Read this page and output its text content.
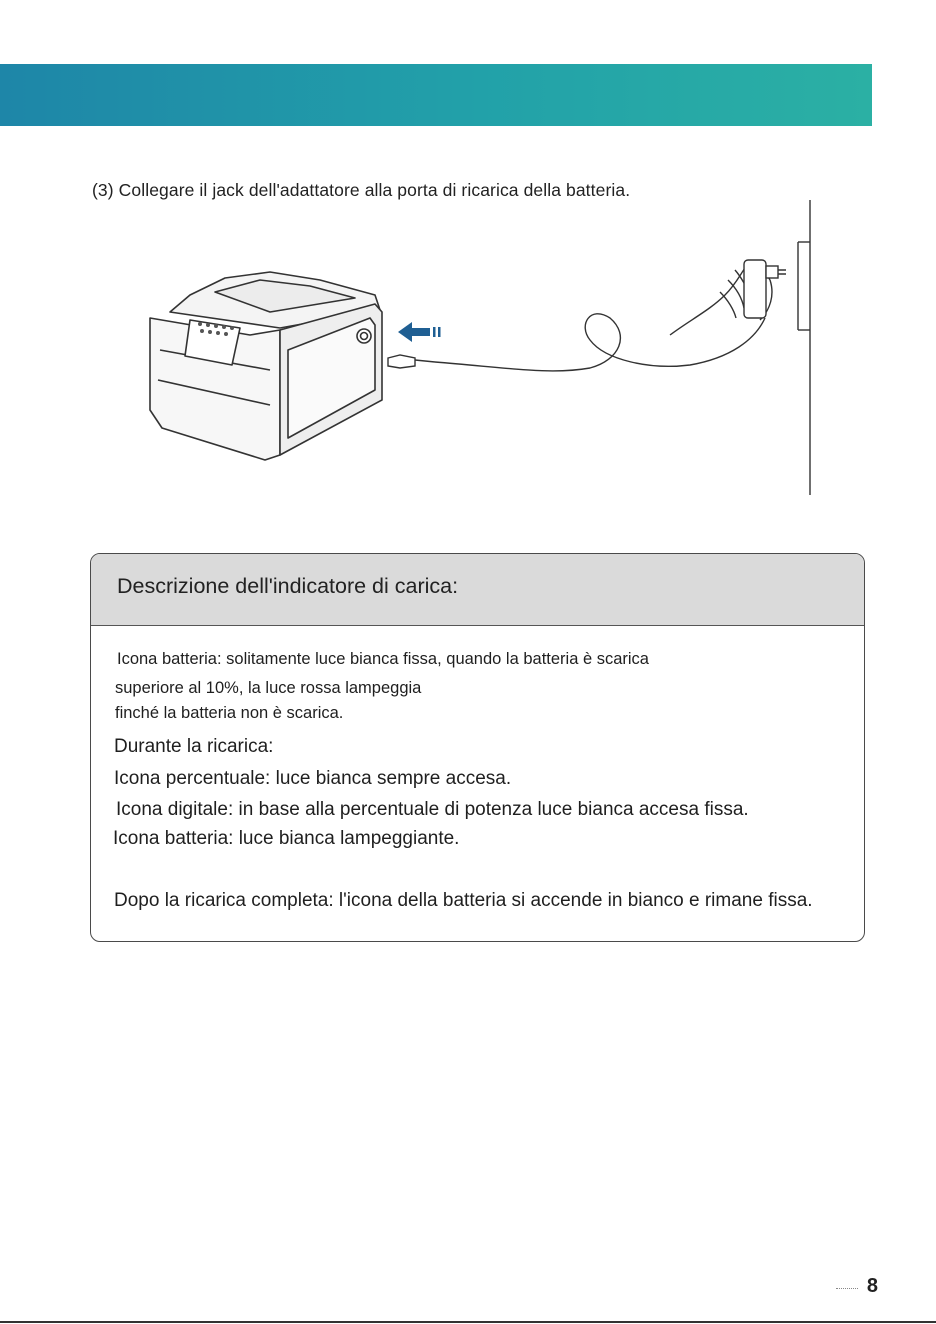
(3) Collegare il jack dell'adattatore alla porta di ricarica della batteria.
Descrizione dell'indicatore di carica:
Icona batteria: solitamente luce bianca fissa, quando la batteria è scarica
superiore al 10%, la luce rossa lampeggia
finché la batteria non è scarica.
Durante la ricarica:
Icona percentuale: luce bianca sempre accesa.
Icona digitale: in base alla percentuale di potenza luce bianca accesa fissa.
Icona batteria: luce bianca lampeggiante.
Dopo la ricarica completa: l'icona della batteria si accende in bianco e rimane fissa.
8
